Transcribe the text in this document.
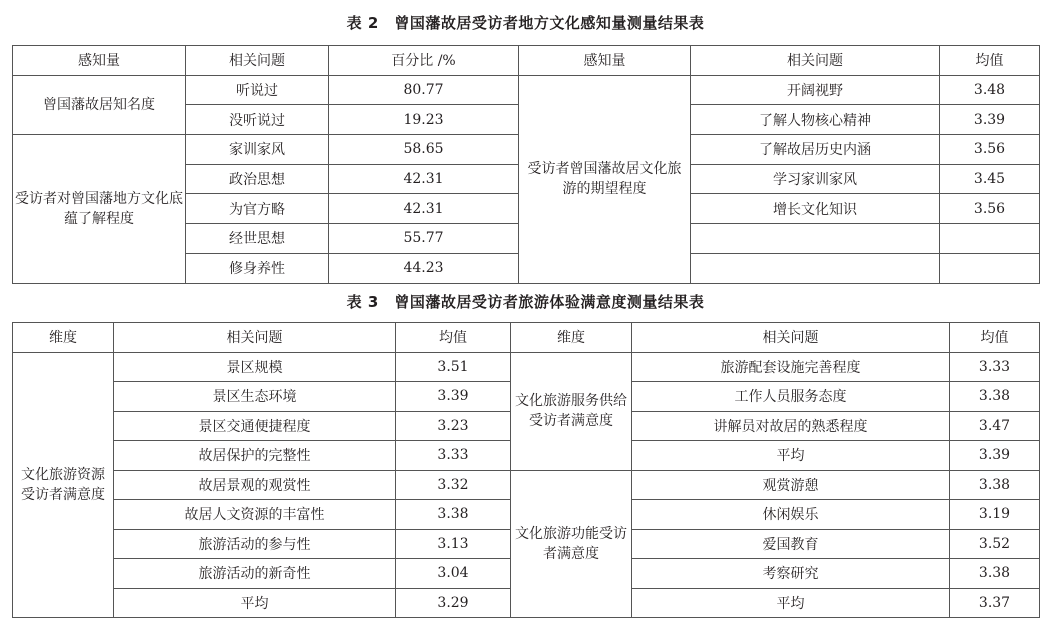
表 2　曾国藩故居受访者地方文化感知量测量结果表
感知量	相关问题	百分比 /%	感知量	相关问题	均值
曾国藩故居知名度	听说过	80.77	受访者曾国藩故居文化旅游的期望程度	开阔视野	3.48
	没听说过	19.23		了解人物核心精神	3.39
受访者对曾国藩地方文化底蕴了解程度	家训家风	58.65		了解故居历史内涵	3.56
	政治思想	42.31		学习家训家风	3.45
	为官方略	42.31		增长文化知识	3.56
	经世思想	55.77			
	修身养性	44.23			
表 3　曾国藩故居受访者旅游体验满意度测量结果表
维度	相关问题	均值	维度	相关问题	均值
文化旅游资源受访者满意度	景区规模	3.51	文化旅游服务供给受访者满意度	旅游配套设施完善程度	3.33
	景区生态环境	3.39		工作人员服务态度	3.38
	景区交通便捷程度	3.23		讲解员对故居的熟悉程度	3.47
	故居保护的完整性	3.33		平均	3.39
	故居景观的观赏性	3.32	文化旅游功能受访者满意度	观赏游憩	3.38
	故居人文资源的丰富性	3.38		休闲娱乐	3.19
	旅游活动的参与性	3.13		爱国教育	3.52
	旅游活动的新奇性	3.04		考察研究	3.38
	平均	3.29		平均	3.37
